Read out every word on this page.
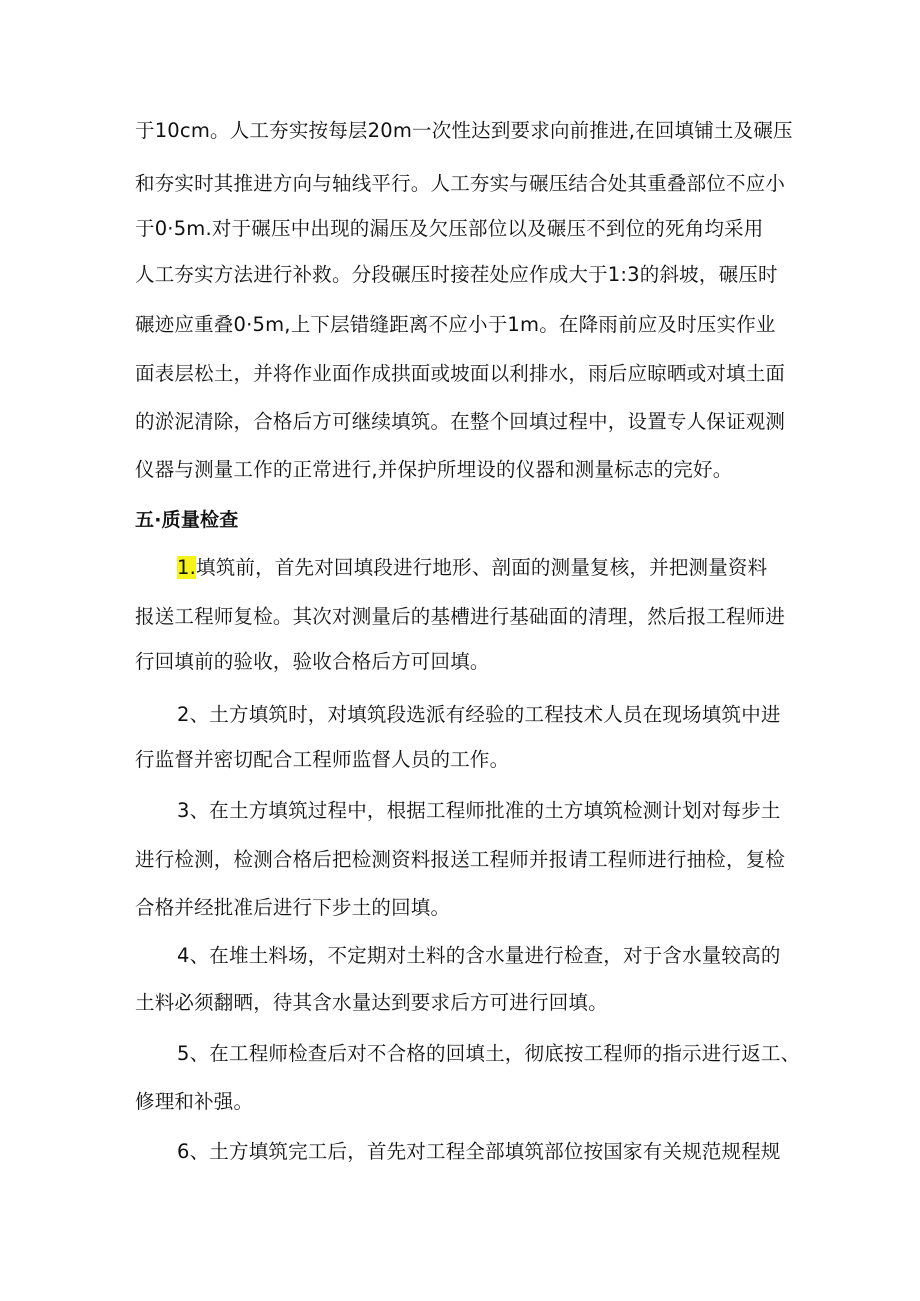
于10cm。人工夯实按每层20m一次性达到要求向前推进,在回填铺土及碾压
和夯实时其推进方向与轴线平行。人工夯实与碾压结合处其重叠部位不应小
于0·5m.对于碾压中出现的漏压及欠压部位以及碾压不到位的死角均采用
人工夯实方法进行补救。分段碾压时接茬处应作成大于1:3的斜坡，碾压时
碾迹应重叠0·5m,上下层错缝距离不应小于1m。在降雨前应及时压实作业
面表层松土，并将作业面作成拱面或坡面以利排水，雨后应晾晒或对填土面
的淤泥清除，合格后方可继续填筑。在整个回填过程中，设置专人保证观测
仪器与测量工作的正常进行,并保护所埋设的仪器和测量标志的完好。
五·质量检查
1.填筑前，首先对回填段进行地形、剖面的测量复核，并把测量资料
报送工程师复检。其次对测量后的基槽进行基础面的清理，然后报工程师进
行回填前的验收，验收合格后方可回填。
2、土方填筑时，对填筑段选派有经验的工程技术人员在现场填筑中进
行监督并密切配合工程师监督人员的工作。
3、在土方填筑过程中，根据工程师批准的土方填筑检测计划对每步土
进行检测，检测合格后把检测资料报送工程师并报请工程师进行抽检，复检
合格并经批准后进行下步土的回填。
4、在堆土料场，不定期对土料的含水量进行检查，对于含水量较高的
土料必须翻晒，待其含水量达到要求后方可进行回填。
5、在工程师检查后对不合格的回填土，彻底按工程师的指示进行返工、
修理和补强。
6、土方填筑完工后，首先对工程全部填筑部位按国家有关规范规程规
